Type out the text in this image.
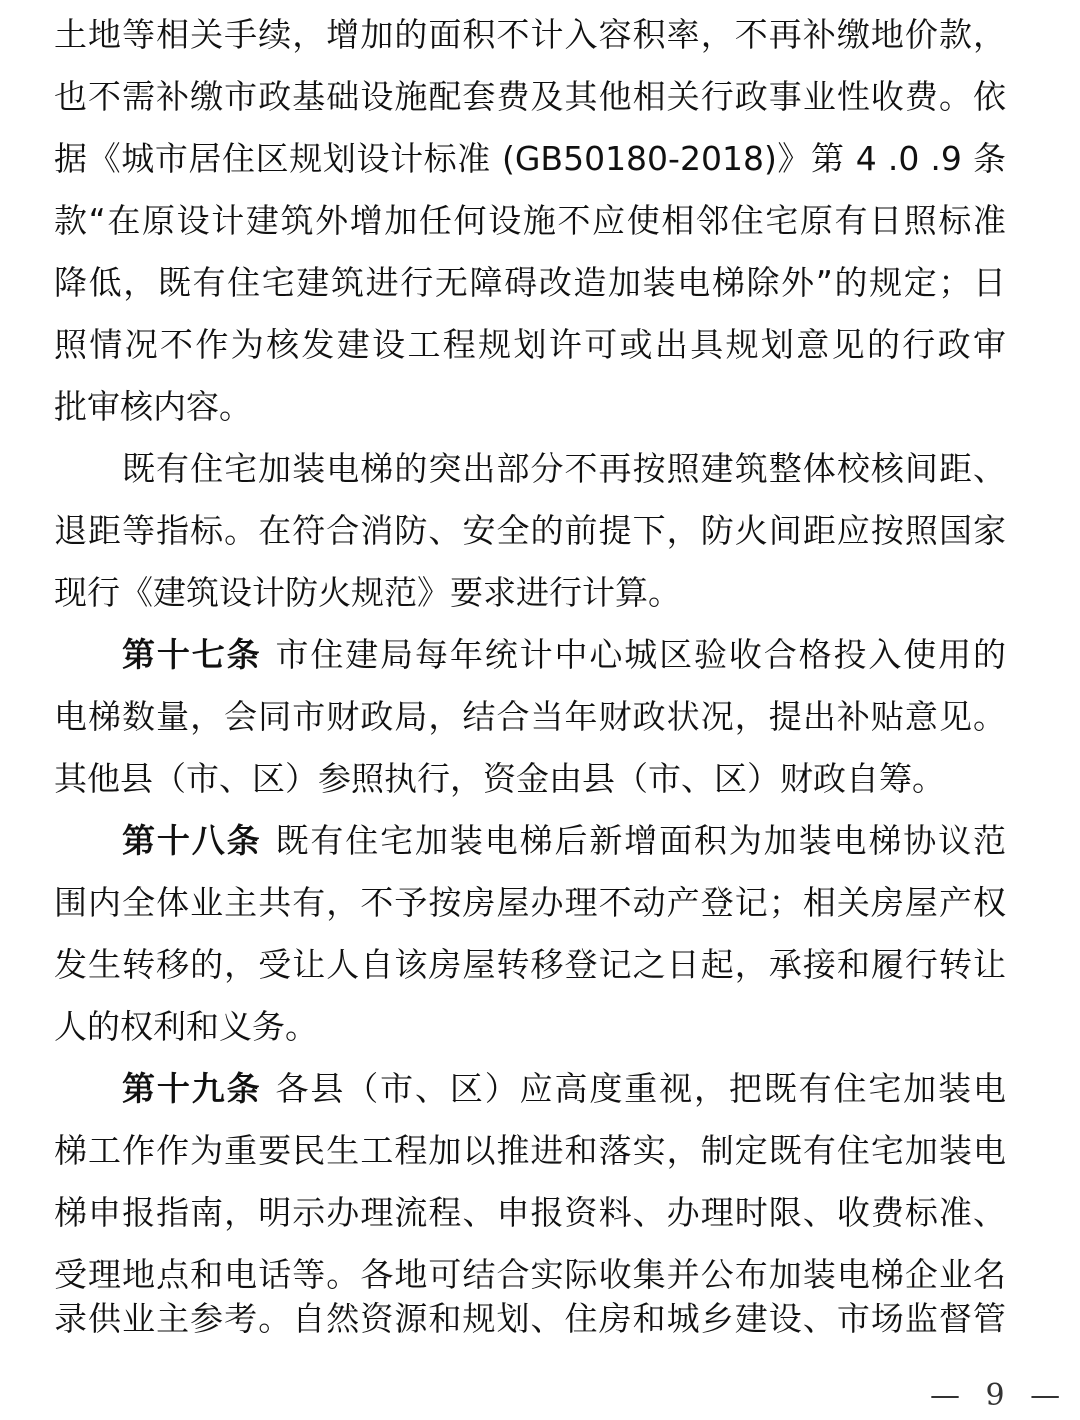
土地等相关手续，增加的面积不计入容积率，不再补缴地价款，
也不需补缴市政基础设施配套费及其他相关行政事业性收费。依
据《城市居住区规划设计标准 (GB50180-2018)》第 4 .0 .9 条
款“在原设计建筑外增加任何设施不应使相邻住宅原有日照标准
降低，既有住宅建筑进行无障碍改造加装电梯除外”的规定；日
照情况不作为核发建设工程规划许可或出具规划意见的行政审
批审核内容。
既有住宅加装电梯的突出部分不再按照建筑整体校核间距、
退距等指标。在符合消防、安全的前提下，防火间距应按照国家
现行《建筑设计防火规范》要求进行计算。
第十七条 市住建局每年统计中心城区验收合格投入使用的
电梯数量，会同市财政局，结合当年财政状况，提出补贴意见。
其他县（市、区）参照执行，资金由县（市、区）财政自筹。
第十八条 既有住宅加装电梯后新增面积为加装电梯协议范
围内全体业主共有，不予按房屋办理不动产登记；相关房屋产权
发生转移的，受让人自该房屋转移登记之日起，承接和履行转让
人的权利和义务。
第十九条 各县（市、区）应高度重视，把既有住宅加装电
梯工作作为重要民生工程加以推进和落实，制定既有住宅加装电
梯申报指南，明示办理流程、申报资料、办理时限、收费标准、
受理地点和电话等。各地可结合实际收集并公布加装电梯企业名
录供业主参考。自然资源和规划、住房和城乡建设、市场监督管
— 9 —
